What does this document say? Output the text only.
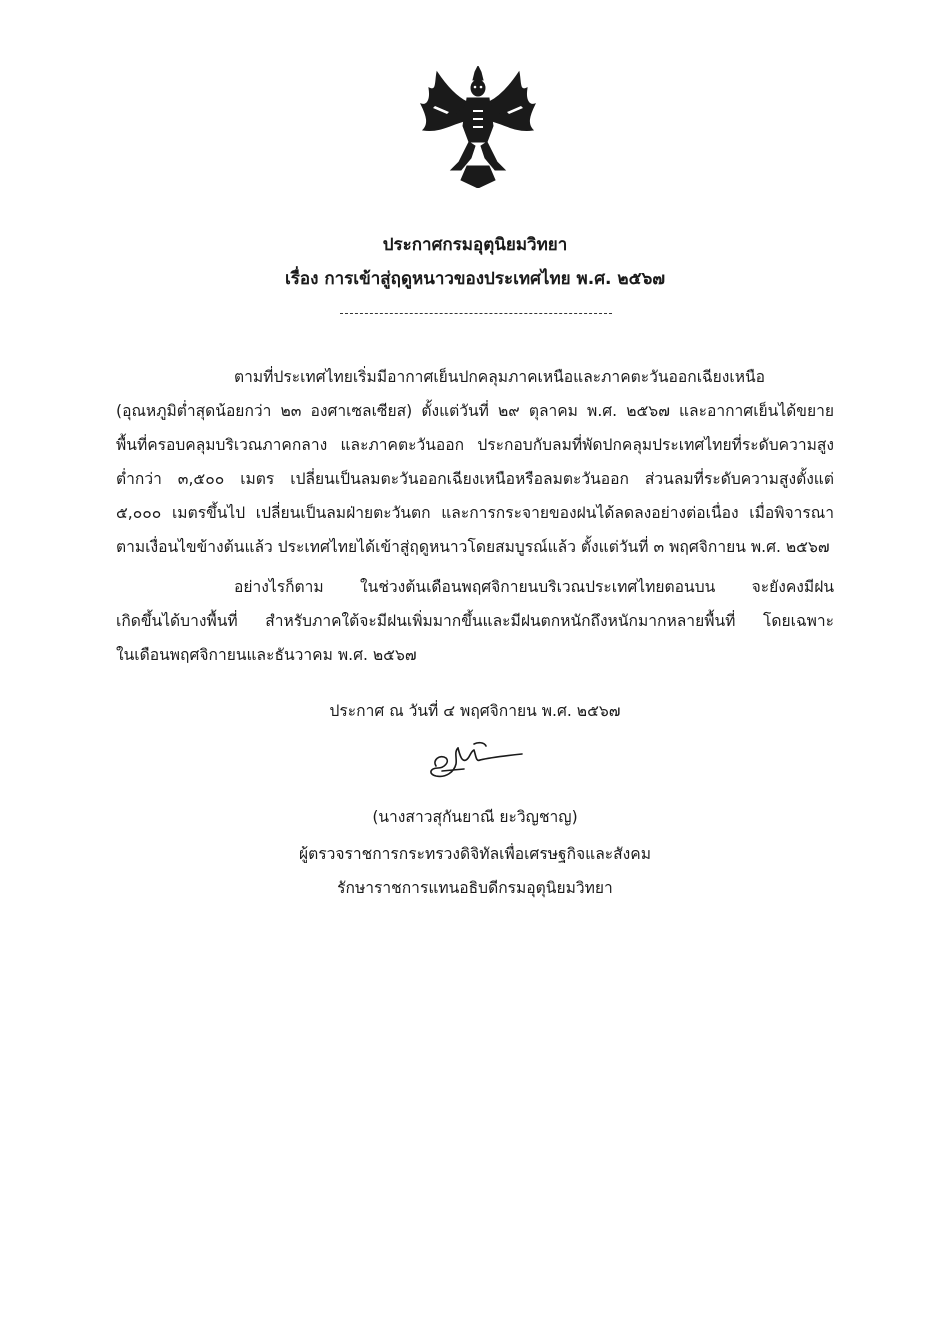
ประกาศกรมอุตุนิยมวิทยา
เรื่อง การเข้าสู่ฤดูหนาวของประเทศไทย พ.ศ. ๒๕๖๗
ตามที่ประเทศไทยเริ่มมีอากาศเย็นปกคลุมภาคเหนือและภาคตะวันออกเฉียงเหนือ
(อุณหภูมิต่ำสุดน้อยกว่า ๒๓ องศาเซลเซียส) ตั้งแต่วันที่ ๒๙ ตุลาคม พ.ศ. ๒๕๖๗ และอากาศเย็นได้ขยาย
พื้นที่ครอบคลุมบริเวณภาคกลาง และภาคตะวันออก ประกอบกับลมที่พัดปกคลุมประเทศไทยที่ระดับความสูง
ต่ำกว่า ๓,๕๐๐ เมตร เปลี่ยนเป็นลมตะวันออกเฉียงเหนือหรือลมตะวันออก ส่วนลมที่ระดับความสูงตั้งแต่
๕,๐๐๐ เมตรขึ้นไป เปลี่ยนเป็นลมฝ่ายตะวันตก และการกระจายของฝนได้ลดลงอย่างต่อเนื่อง เมื่อพิจารณา
ตามเงื่อนไขข้างต้นแล้ว ประเทศไทยได้เข้าสู่ฤดูหนาวโดยสมบูรณ์แล้ว ตั้งแต่วันที่ ๓ พฤศจิกายน พ.ศ. ๒๕๖๗
อย่างไรก็ตาม ในช่วงต้นเดือนพฤศจิกายนบริเวณประเทศไทยตอนบน จะยังคงมีฝน
เกิดขึ้นได้บางพื้นที่ สำหรับภาคใต้จะมีฝนเพิ่มมากขึ้นและมีฝนตกหนักถึงหนักมากหลายพื้นที่ โดยเฉพาะ
ในเดือนพฤศจิกายนและธันวาคม พ.ศ. ๒๕๖๗
ประกาศ ณ วันที่ ๔ พฤศจิกายน พ.ศ. ๒๕๖๗
(นางสาวสุกันยาณี ยะวิญชาญ)
ผู้ตรวจราชการกระทรวงดิจิทัลเพื่อเศรษฐกิจและสังคม
รักษาราชการแทนอธิบดีกรมอุตุนิยมวิทยา
